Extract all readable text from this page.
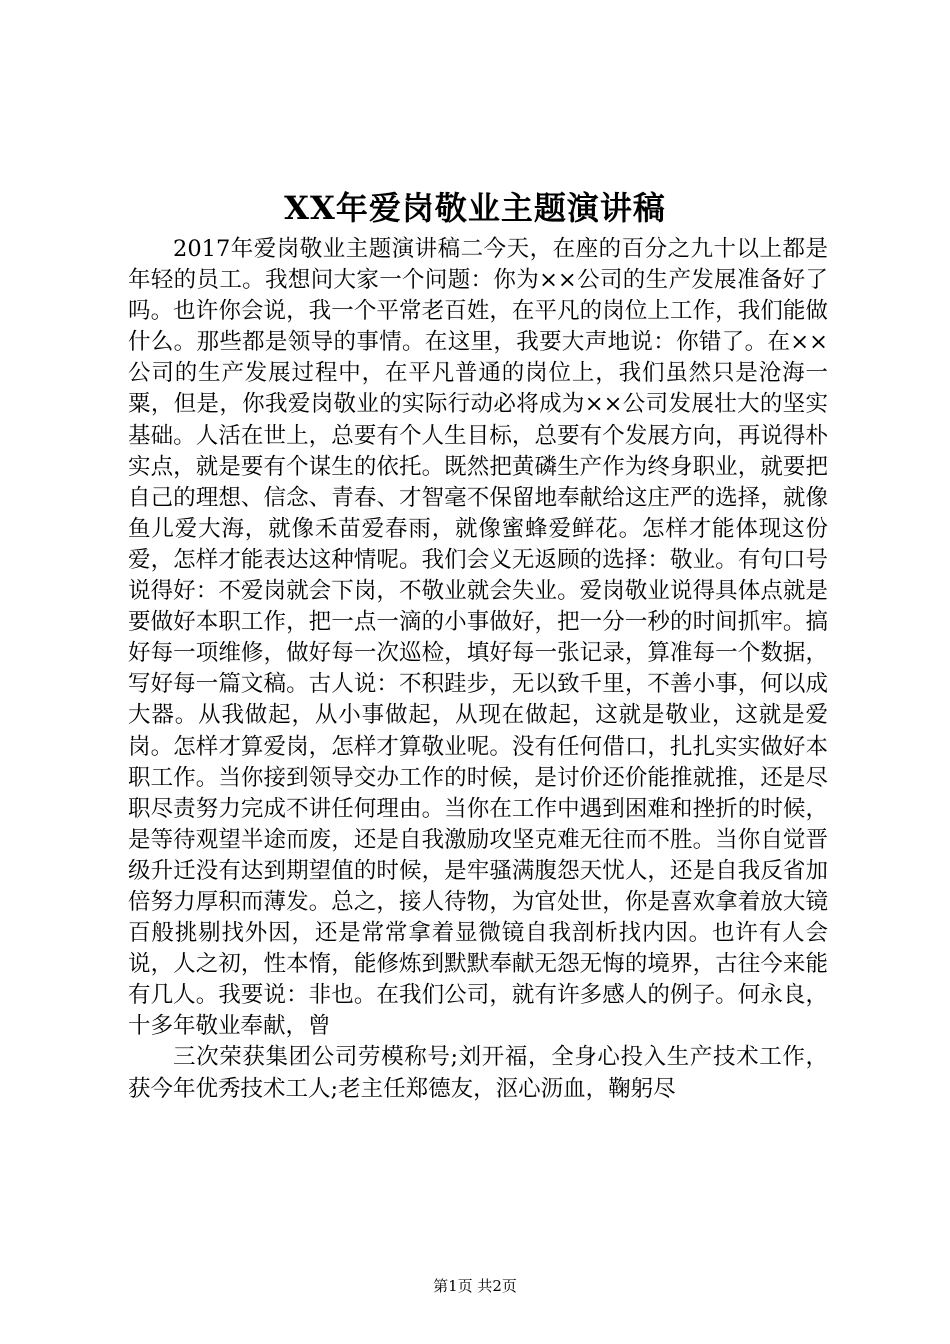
XX年爱岗敬业主题演讲稿

2017年爱岗敬业主题演讲稿二今天，在座的百分之九十以上都是年轻的员工。我想问大家一个问题：你为××公司的生产发展准备好了吗。也许你会说，我一个平常老百姓，在平凡的岗位上工作，我们能做什么。那些都是领导的事情。在这里，我要大声地说：你错了。在××公司的生产发展过程中，在平凡普通的岗位上，我们虽然只是沧海一粟，但是，你我爱岗敬业的实际行动必将成为××公司发展壮大的坚实基础。人活在世上，总要有个人生目标，总要有个发展方向，再说得朴实点，就是要有个谋生的依托。既然把黄磷生产作为终身职业，就要把自己的理想、信念、青春、才智毫不保留地奉献给这庄严的选择，就像鱼儿爱大海，就像禾苗爱春雨，就像蜜蜂爱鲜花。怎样才能体现这份爱，怎样才能表达这种情呢。我们会义无返顾的选择：敬业。有句口号说得好：不爱岗就会下岗，不敬业就会失业。爱岗敬业说得具体点就是要做好本职工作，把一点一滴的小事做好，把一分一秒的时间抓牢。搞好每一项维修，做好每一次巡检，填好每一张记录，算准每一个数据，写好每一篇文稿。古人说：不积跬步，无以致千里，不善小事，何以成大器。从我做起，从小事做起，从现在做起，这就是敬业，这就是爱岗。怎样才算爱岗，怎样才算敬业呢。没有任何借口，扎扎实实做好本职工作。当你接到领导交办工作的时候，是讨价还价能推就推，还是尽职尽责努力完成不讲任何理由。当你在工作中遇到困难和挫折的时候，是等待观望半途而废，还是自我激励攻坚克难无往而不胜。当你自觉晋级升迁没有达到期望值的时候，是牢骚满腹怨天忧人，还是自我反省加倍努力厚积而薄发。总之，接人待物，为官处世，你是喜欢拿着放大镜百般挑剔找外因，还是常常拿着显微镜自我剖析找内因。也许有人会说，人之初，性本惰，能修炼到默默奉献无怨无悔的境界，古往今来能有几人。我要说：非也。在我们公司，就有许多感人的例子。何永良，十多年敬业奉献，曾

三次荣获集团公司劳模称号;刘开福，全身心投入生产技术工作，获今年优秀技术工人;老主任郑德友，沤心沥血，鞠躬尽

第1页 共2页
